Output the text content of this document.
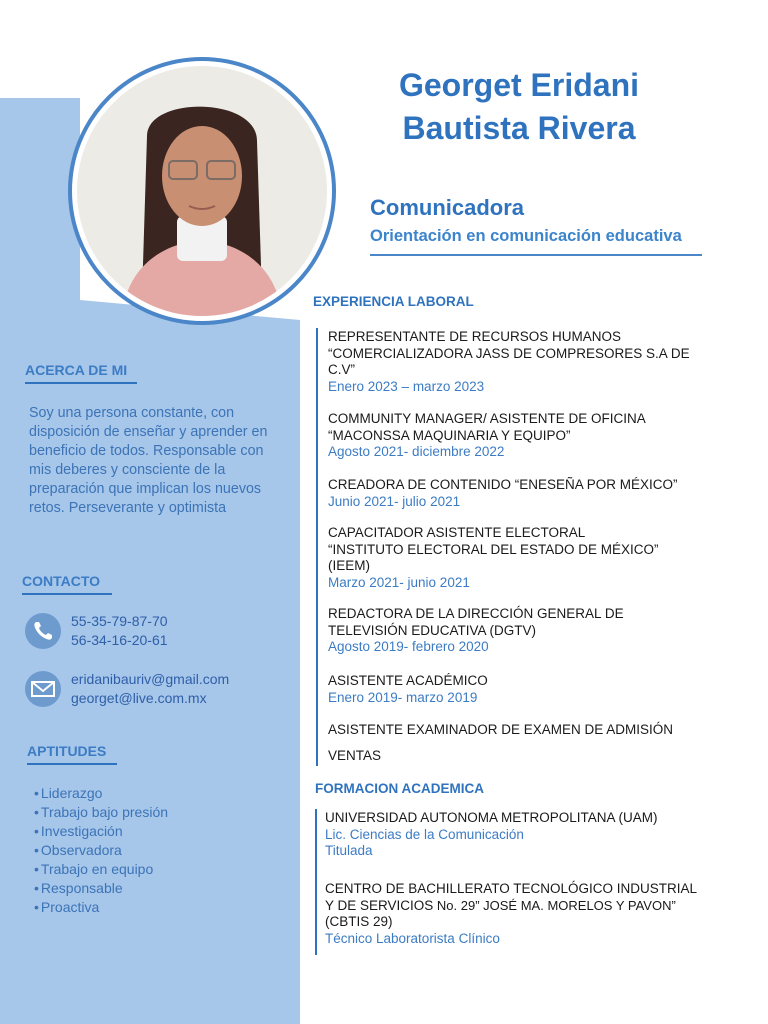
ACERCA DE MI
Soy una persona constante, con disposición de enseñar y aprender en beneficio de todos. Responsable con mis deberes y consciente de la preparación que implican los nuevos retos. Perseverante y optimista
CONTACTO
55-35-79-87-70
56-34-16-20-61
eridanibauriv@gmail.com
georget@live.com.mx
APTITUDES
• Liderazgo
• Trabajo bajo presión
• Investigación
• Observadora
• Trabajo en equipo
• Responsable
• Proactiva
Georget Eridani
Bautista Rivera
Comunicadora
Orientación en comunicación educativa
EXPERIENCIA LABORAL
REPRESENTANTE DE RECURSOS HUMANOS
“COMERCIALIZADORA JASS DE COMPRESORES S.A DE
C.V”
Enero 2023 – marzo 2023
COMMUNITY MANAGER/ ASISTENTE DE OFICINA
“MACONSSA MAQUINARIA Y EQUIPO”
Agosto 2021- diciembre 2022
CREADORA DE CONTENIDO “ENESEÑA POR MÉXICO”
Junio 2021- julio 2021
CAPACITADOR ASISTENTE ELECTORAL
“INSTITUTO ELECTORAL DEL ESTADO DE MÉXICO”
(IEEM)
Marzo 2021- junio 2021
REDACTORA DE LA DIRECCIÓN GENERAL DE
TELEVISIÓN EDUCATIVA (DGTV)
Agosto 2019- febrero 2020
ASISTENTE ACADÉMICO
Enero 2019- marzo 2019
ASISTENTE EXAMINADOR DE EXAMEN DE ADMISIÓN
VENTAS
FORMACION ACADEMICA
UNIVERSIDAD AUTONOMA METROPOLITANA (UAM)
Lic. Ciencias de la Comunicación
Titulada
CENTRO DE BACHILLERATO TECNOLÓGICO INDUSTRIAL
Y DE SERVICIOS No. 29” JOSÉ MA. MORELOS Y PAVON”
(CBTIS 29)
Técnico Laboratorista Clínico
